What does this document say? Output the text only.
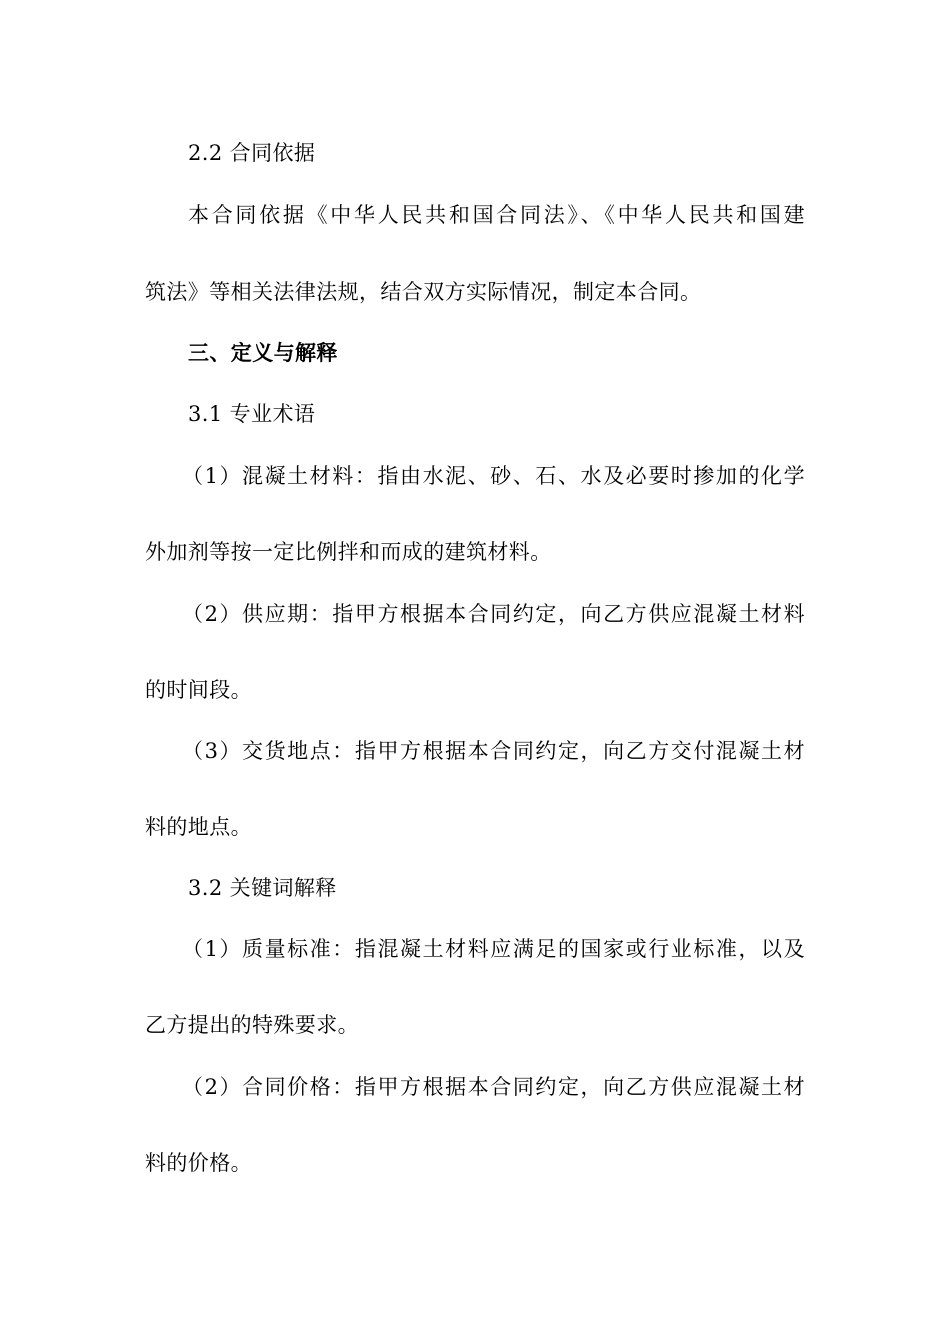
2.2 合同依据
本合同依据《中华人民共和国合同法》、《中华人民共和国建
筑法》等相关法律法规，结合双方实际情况，制定本合同。
三、定义与解释
3.1 专业术语
（1）混凝土材料：指由水泥、砂、石、水及必要时掺加的化学
外加剂等按一定比例拌和而成的建筑材料。
（2）供应期：指甲方根据本合同约定，向乙方供应混凝土材料
的时间段。
（3）交货地点：指甲方根据本合同约定，向乙方交付混凝土材
料的地点。
3.2 关键词解释
（1）质量标准：指混凝土材料应满足的国家或行业标准，以及
乙方提出的特殊要求。
（2）合同价格：指甲方根据本合同约定，向乙方供应混凝土材
料的价格。
